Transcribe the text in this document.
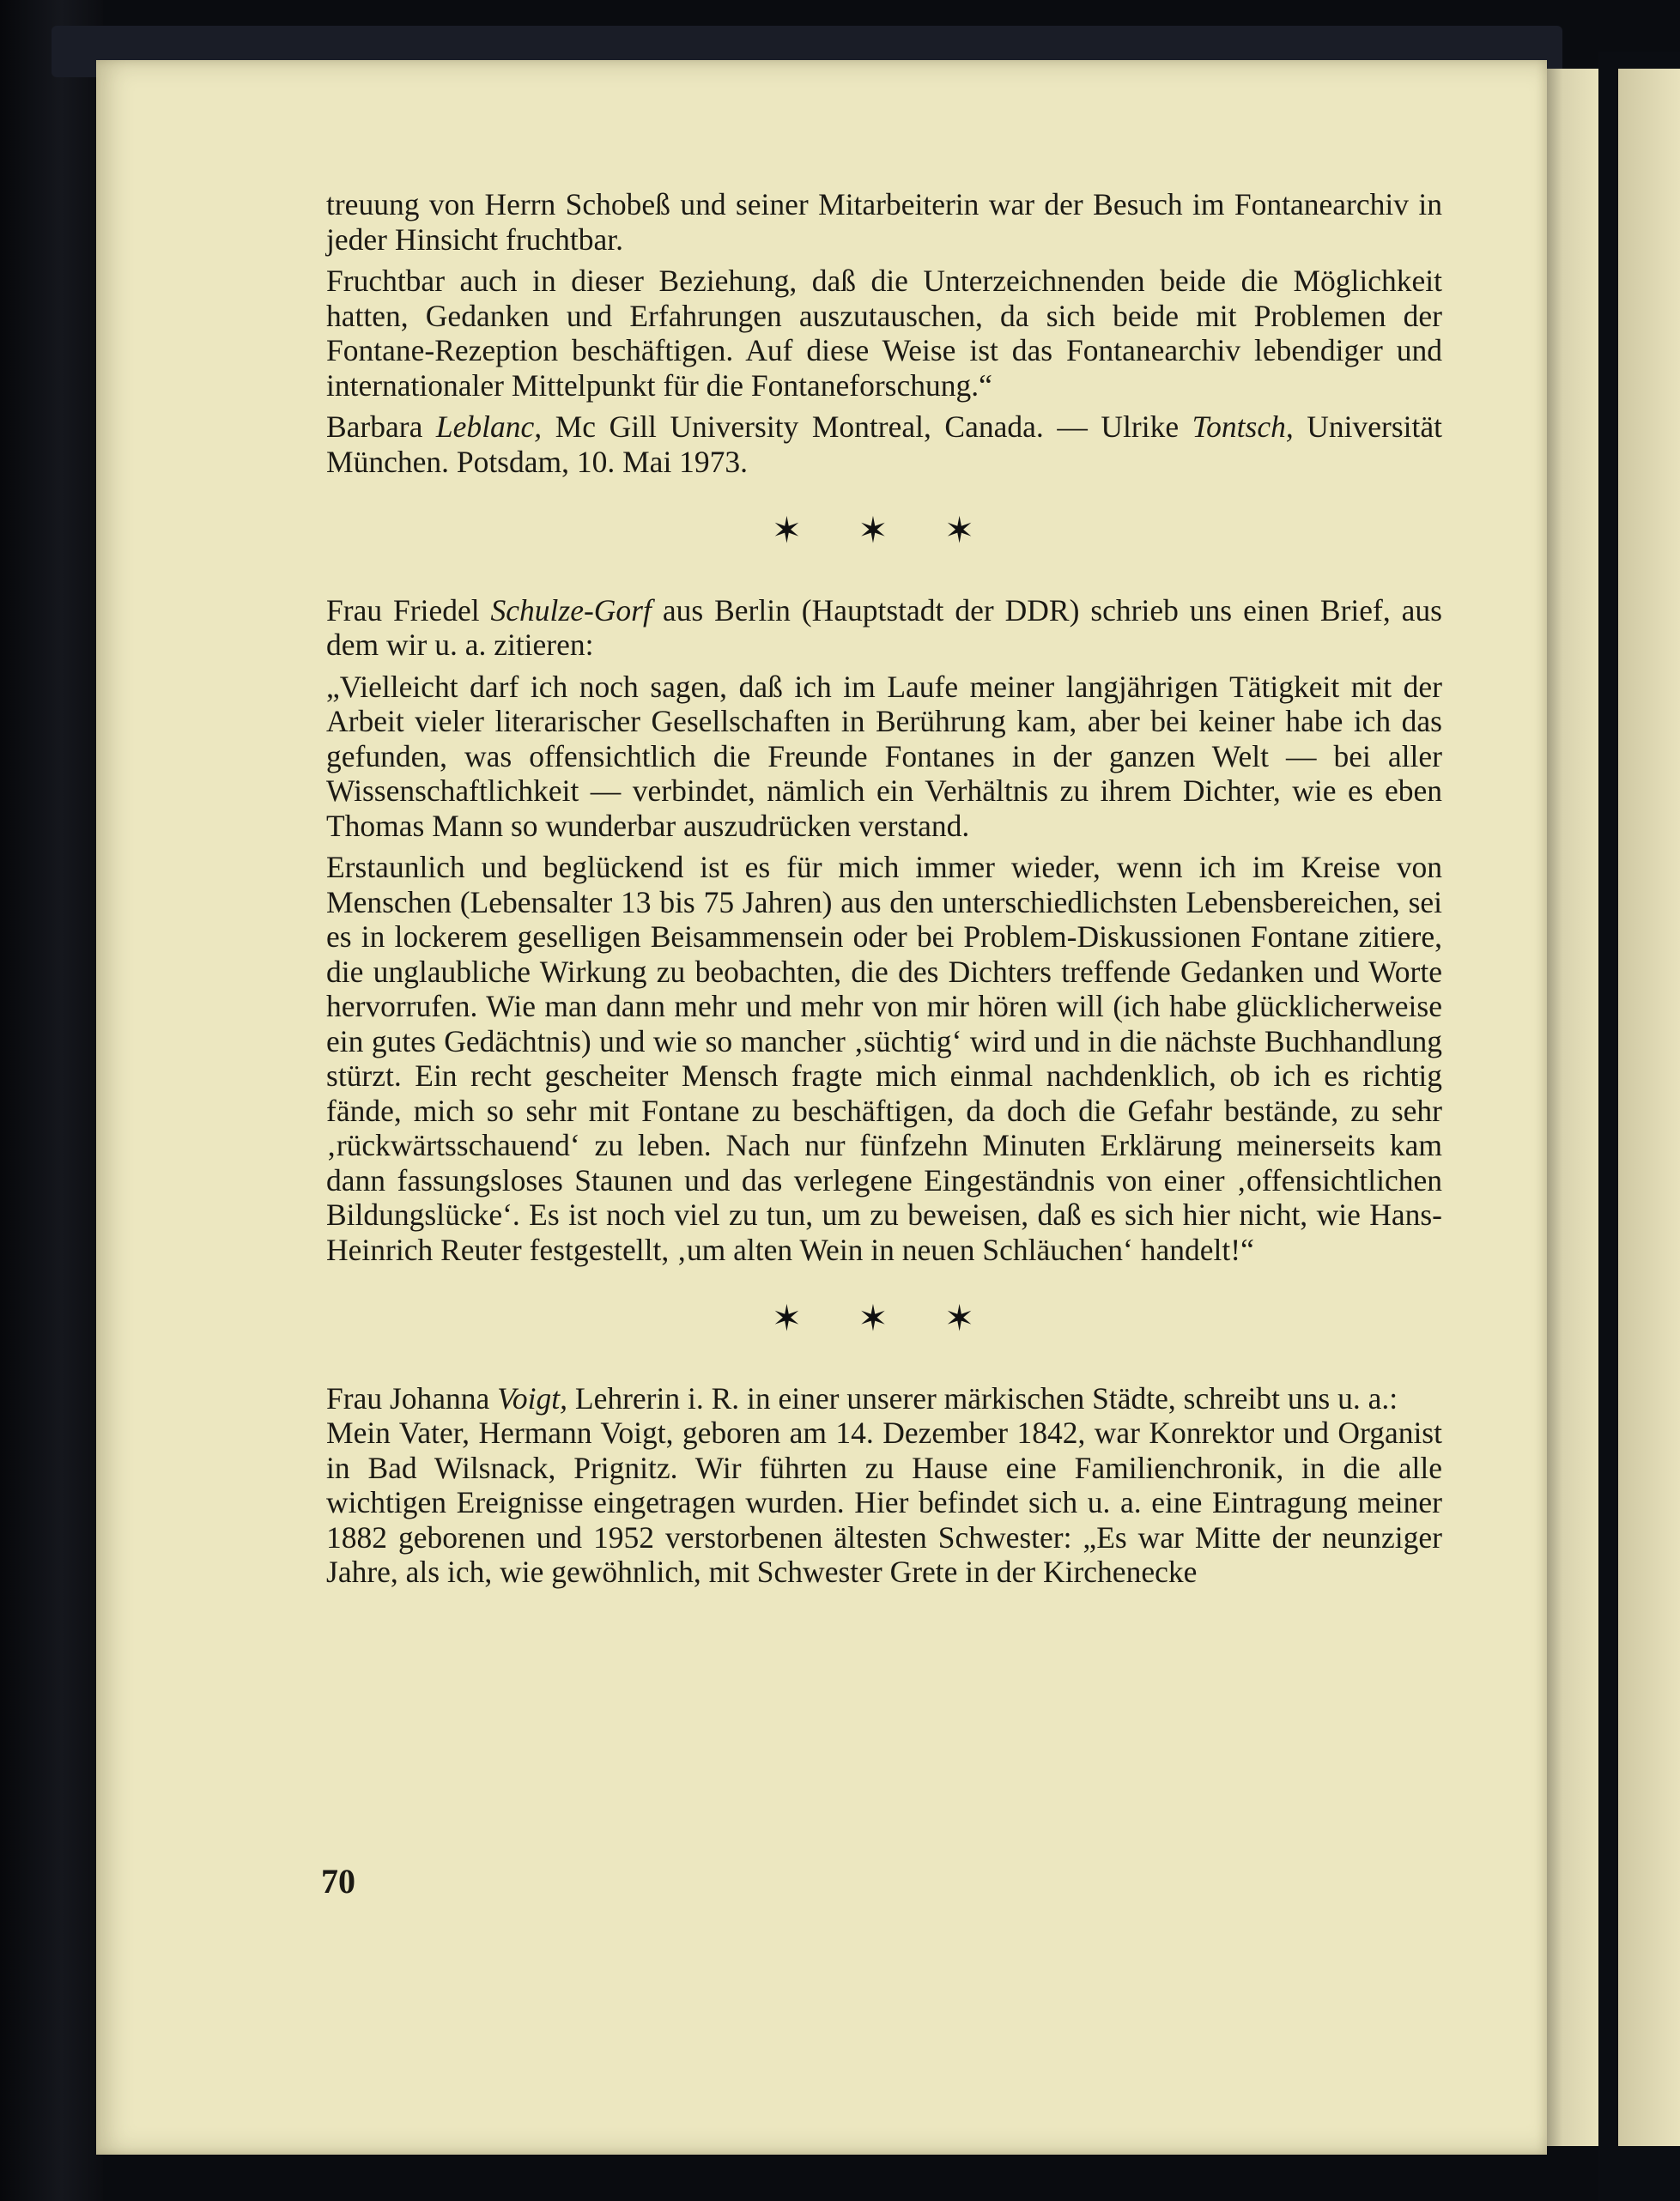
treuung von Herrn Schobeß und seiner Mitarbeiterin war der Besuch im Fontanearchiv in jeder Hinsicht fruchtbar.

Fruchtbar auch in dieser Beziehung, daß die Unterzeichnenden beide die Möglichkeit hatten, Gedanken und Erfahrungen auszutauschen, da sich beide mit Problemen der Fontane-Rezeption beschäftigen. Auf diese Weise ist das Fontanearchiv lebendiger und internationaler Mittelpunkt für die Fontaneforschung.“

Barbara Leblanc, Mc Gill University Montreal, Canada. — Ulrike Tontsch, Universität München. Potsdam, 10. Mai 1973.

✶ ✶ ✶

Frau Friedel Schulze-Gorf aus Berlin (Hauptstadt der DDR) schrieb uns einen Brief, aus dem wir u. a. zitieren:

„Vielleicht darf ich noch sagen, daß ich im Laufe meiner langjährigen Tätigkeit mit der Arbeit vieler literarischer Gesellschaften in Berührung kam, aber bei keiner habe ich das gefunden, was offensichtlich die Freunde Fontanes in der ganzen Welt — bei aller Wissenschaftlichkeit — verbindet, nämlich ein Verhältnis zu ihrem Dichter, wie es eben Thomas Mann so wunderbar auszudrücken verstand.

Erstaunlich und beglückend ist es für mich immer wieder, wenn ich im Kreise von Menschen (Lebensalter 13 bis 75 Jahren) aus den unterschiedlichsten Lebensbereichen, sei es in lockerem geselligen Beisammensein oder bei Problem-Diskussionen Fontane zitiere, die unglaubliche Wirkung zu beobachten, die des Dichters treffende Gedanken und Worte hervorrufen. Wie man dann mehr und mehr von mir hören will (ich habe glücklicherweise ein gutes Gedächtnis) und wie so mancher ‚süchtig‘ wird und in die nächste Buchhandlung stürzt. Ein recht gescheiter Mensch fragte mich einmal nachdenklich, ob ich es richtig fände, mich so sehr mit Fontane zu beschäftigen, da doch die Gefahr bestände, zu sehr ‚rückwärtsschauend‘ zu leben. Nach nur fünfzehn Minuten Erklärung meinerseits kam dann fassungsloses Staunen und das verlegene Eingeständnis von einer ‚offensichtlichen Bildungslücke‘. Es ist noch viel zu tun, um zu beweisen, daß es sich hier nicht, wie Hans-Heinrich Reuter festgestellt, ‚um alten Wein in neuen Schläuchen‘ handelt!“

✶ ✶ ✶

Frau Johanna Voigt, Lehrerin i. R. in einer unserer märkischen Städte, schreibt uns u. a.:

Mein Vater, Hermann Voigt, geboren am 14. Dezember 1842, war Konrektor und Organist in Bad Wilsnack, Prignitz. Wir führten zu Hause eine Familienchronik, in die alle wichtigen Ereignisse eingetragen wurden. Hier befindet sich u. a. eine Eintragung meiner 1882 geborenen und 1952 verstorbenen ältesten Schwester: „Es war Mitte der neunziger Jahre, als ich, wie gewöhnlich, mit Schwester Grete in der Kirchenecke

70
